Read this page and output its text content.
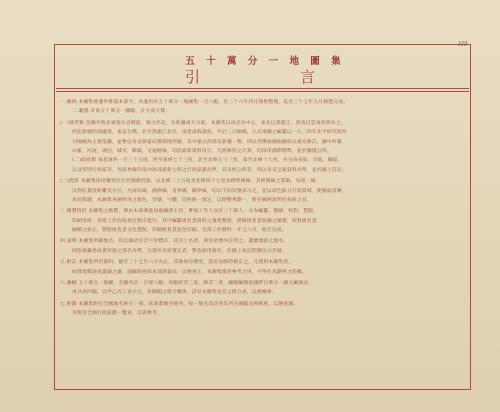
M8
五 十 萬 分 一 地 圖 集
引	言
一.總則 本圖集係遵奉參謀本部令，為適用於五十萬分一地圖集一乃八幅，於三十六年四月開始整理，迄於三十七年九月繪製完成。
二.範圍 計東五十萬分一圖幅，計分南大類：
(一)地形類 該圖共收北東地方直轄區，蒙古西北，及新疆兩大分區，本圖集以南京為中心，東北以黑龍江，西南以雲南西部為主，
西起新疆西部邊境，東迄台灣，北至黑龍江北岸，南達南海諸島，共計三百餘幅，正式地圖之編纂以一九三四年北平研究院所
刊地圖為主要依據，並參以各省測量局實測地形圖，其中蒙古西部及新疆一帶，則以英俄兩國地圖加以補充修訂，圖中所載
山脈，河流，湖泊，城市，鄉鎮，交通路線，均依最新資料改正，凡經緯度之計算，均採用國際標準，並於圖邊註明。
(二)政區類 東起東經一百三十五度，西至東經七十三度，北至北緯五十三度，南至北緯十八度，共分為省區，市區，縣區，
以及特別行政區等，各區界線均依內政部最新公佈之行政區劃為準，其未經公佈者，則以各省呈報資料為準，並於圖上註記。
(三)投影 本圖集採用蘭勃氏正形圓錐投影，以北緯二十五度及北緯四十七度為標準緯線，其經緯線之間隔，每度一線，
以利於量度距離及方位，凡海岸線，國界線，省界線，縣界線，均以不同符號表示之，並以彩色區分行政區域，使圖面清晰，
易於閱讀，本圖集各圖所用之顏色，符號，字體，均經統一規定，以期整齊劃一，附有圖例說明於每冊之首。
三.繪製情形 本圖集之繪製，係由本部測量局地圖課主持，參加工作人員計三十餘人，分為編纂，描繪，校對，製版，
印刷等組，各組工作均依規定程序進行，其中編纂組負責資料之蒐集整理，描繪組負責原圖之繪製，校對組負責
圖稿之校正，製版組負責分色製版，印刷組負責套色印刷，全部工作歷時一年又六月，始告完成。
四.說明 本圖集所載地名，均以國語注音字母標註，其有土名者，則於括號內註明之，邊疆地區之地名，
則依蒙藏委員會所頒之譯名為準，凡譯名未經審定者，暫依通用譯名，於圖上加註問號以示存疑。
五.附註 本圖集所用資料，截至三十七年六月為止，其後如有變更，當於再版時修正之，凡使用本圖集者，
如發現錯誤或遺漏之處，請隨時函知本部測量局，以便更正，本圖集僅供參考之用，不得作為劃界之依據。
六.圖幅 五十萬分一地圖，全圖共計一百零八幅，每幅經差三度，緯差二度，圖幅編號依國際百萬分一圖之編號法，
再分為四幅，以甲乙丙丁表示之，各圖幅之接合關係，詳見本圖集卷首之接合表，以便檢索。
七.附錄 本圖集附有全國地名索引一冊，依筆畫順序排列，每一地名均註明其所在圖幅及經緯度，以便查閱，
另附有全國行政區劃一覽表，以資參考。
